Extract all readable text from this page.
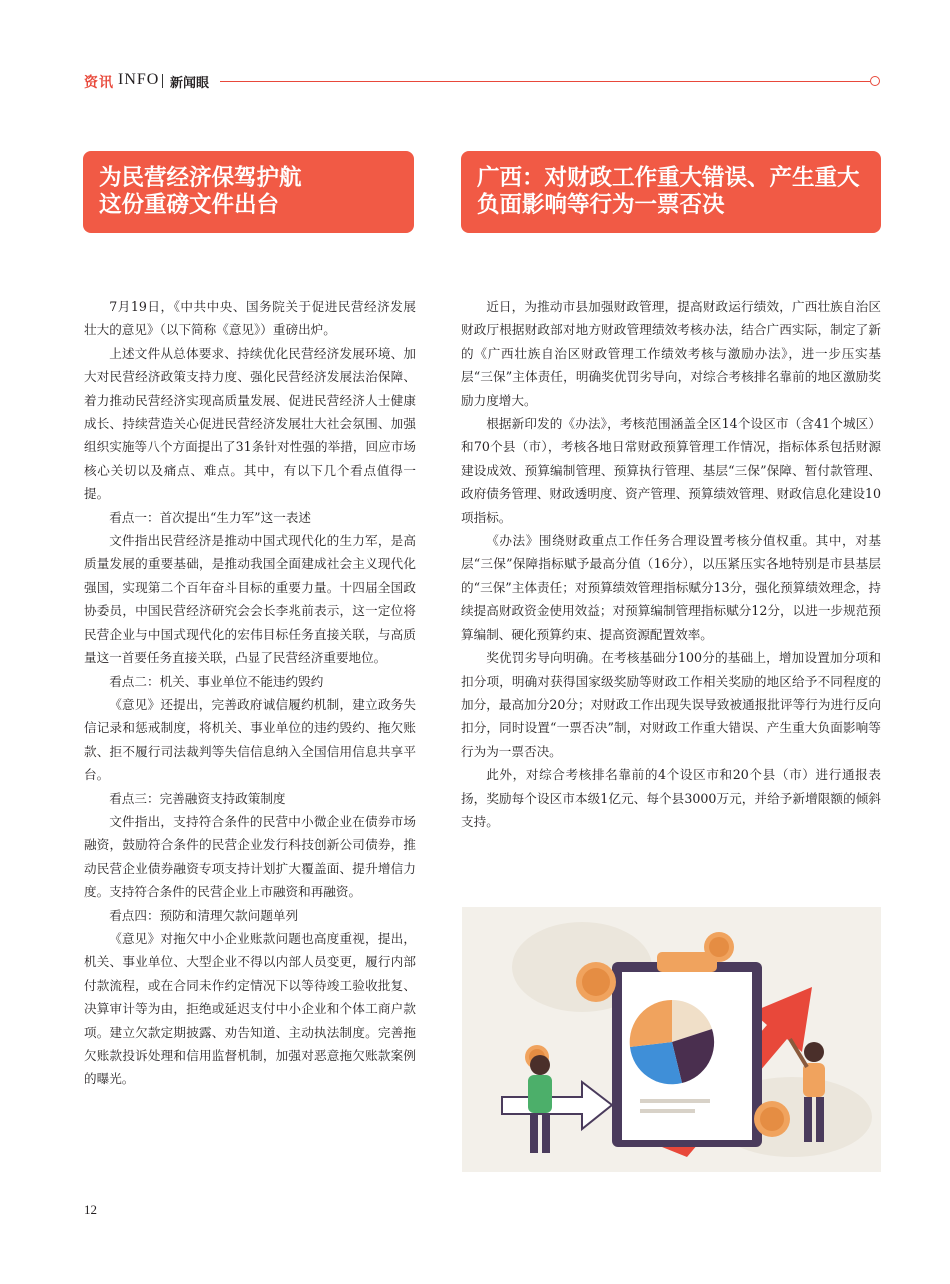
资讯 INFO 新闻眼
为民营经济保驾护航
这份重磅文件出台
广西：对财政工作重大错误、产生重大
负面影响等行为一票否决

7月19日，《中共中央、国务院关于促进民营经济发展壮大的意见》（以下简称《意见》）重磅出炉。

上述文件从总体要求、持续优化民营经济发展环境、加大对民营经济政策支持力度、强化民营经济发展法治保障、着力推动民营经济实现高质量发展、促进民营经济人士健康成长、持续营造关心促进民营经济发展壮大社会氛围、加强组织实施等八个方面提出了31条针对性强的举措，回应市场核心关切以及痛点、难点。其中，有以下几个看点值得一提。

看点一：首次提出“生力军”这一表述

文件指出民营经济是推动中国式现代化的生力军，是高质量发展的重要基础，是推动我国全面建成社会主义现代化强国，实现第二个百年奋斗目标的重要力量。十四届全国政协委员，中国民营经济研究会会长李兆前表示，这一定位将民营企业与中国式现代化的宏伟目标任务直接关联，与高质量这一首要任务直接关联，凸显了民营经济重要地位。

看点二：机关、事业单位不能违约毁约

《意见》还提出，完善政府诚信履约机制，建立政务失信记录和惩戒制度，将机关、事业单位的违约毁约、拖欠账款、拒不履行司法裁判等失信信息纳入全国信用信息共享平台。

看点三：完善融资支持政策制度

文件指出，支持符合条件的民营中小微企业在债券市场融资，鼓励符合条件的民营企业发行科技创新公司债券，推动民营企业债券融资专项支持计划扩大覆盖面、提升增信力度。支持符合条件的民营企业上市融资和再融资。

看点四：预防和清理欠款问题单列

《意见》对拖欠中小企业账款问题也高度重视，提出，机关、事业单位、大型企业不得以内部人员变更，履行内部付款流程，或在合同未作约定情况下以等待竣工验收批复、决算审计等为由，拒绝或延迟支付中小企业和个体工商户款项。建立欠款定期披露、劝告知道、主动执法制度。完善拖欠账款投诉处理和信用监督机制，加强对恶意拖欠账款案例的曝光。

近日，为推动市县加强财政管理，提高财政运行绩效，广西壮族自治区财政厅根据财政部对地方财政管理绩效考核办法，结合广西实际，制定了新的《广西壮族自治区财政管理工作绩效考核与激励办法》，进一步压实基层“三保”主体责任，明确奖优罚劣导向，对综合考核排名靠前的地区激励奖励力度增大。

根据新印发的《办法》，考核范围涵盖全区14个设区市（含41个城区）和70个县（市），考核各地日常财政预算管理工作情况，指标体系包括财源建设成效、预算编制管理、预算执行管理、基层“三保”保障、暂付款管理、政府债务管理、财政透明度、资产管理、预算绩效管理、财政信息化建设10项指标。

《办法》围绕财政重点工作任务合理设置考核分值权重。其中，对基层“三保”保障指标赋予最高分值（16分），以压紧压实各地特别是市县基层的“三保”主体责任；对预算绩效管理指标赋分13分，强化预算绩效理念，持续提高财政资金使用效益；对预算编制管理指标赋分12分，以进一步规范预算编制、硬化预算约束、提高资源配置效率。

奖优罚劣导向明确。在考核基础分100分的基础上，增加设置加分项和扣分项，明确对获得国家级奖励等财政工作相关奖励的地区给予不同程度的加分，最高加分20分；对财政工作出现失误导致被通报批评等行为进行反向扣分，同时设置“一票否决”制，对财政工作重大错误、产生重大负面影响等行为为一票否决。

此外，对综合考核排名靠前的4个设区市和20个县（市）进行通报表扬，奖励每个设区市本级1亿元、每个县3000万元，并给予新增限额的倾斜支持。

12
